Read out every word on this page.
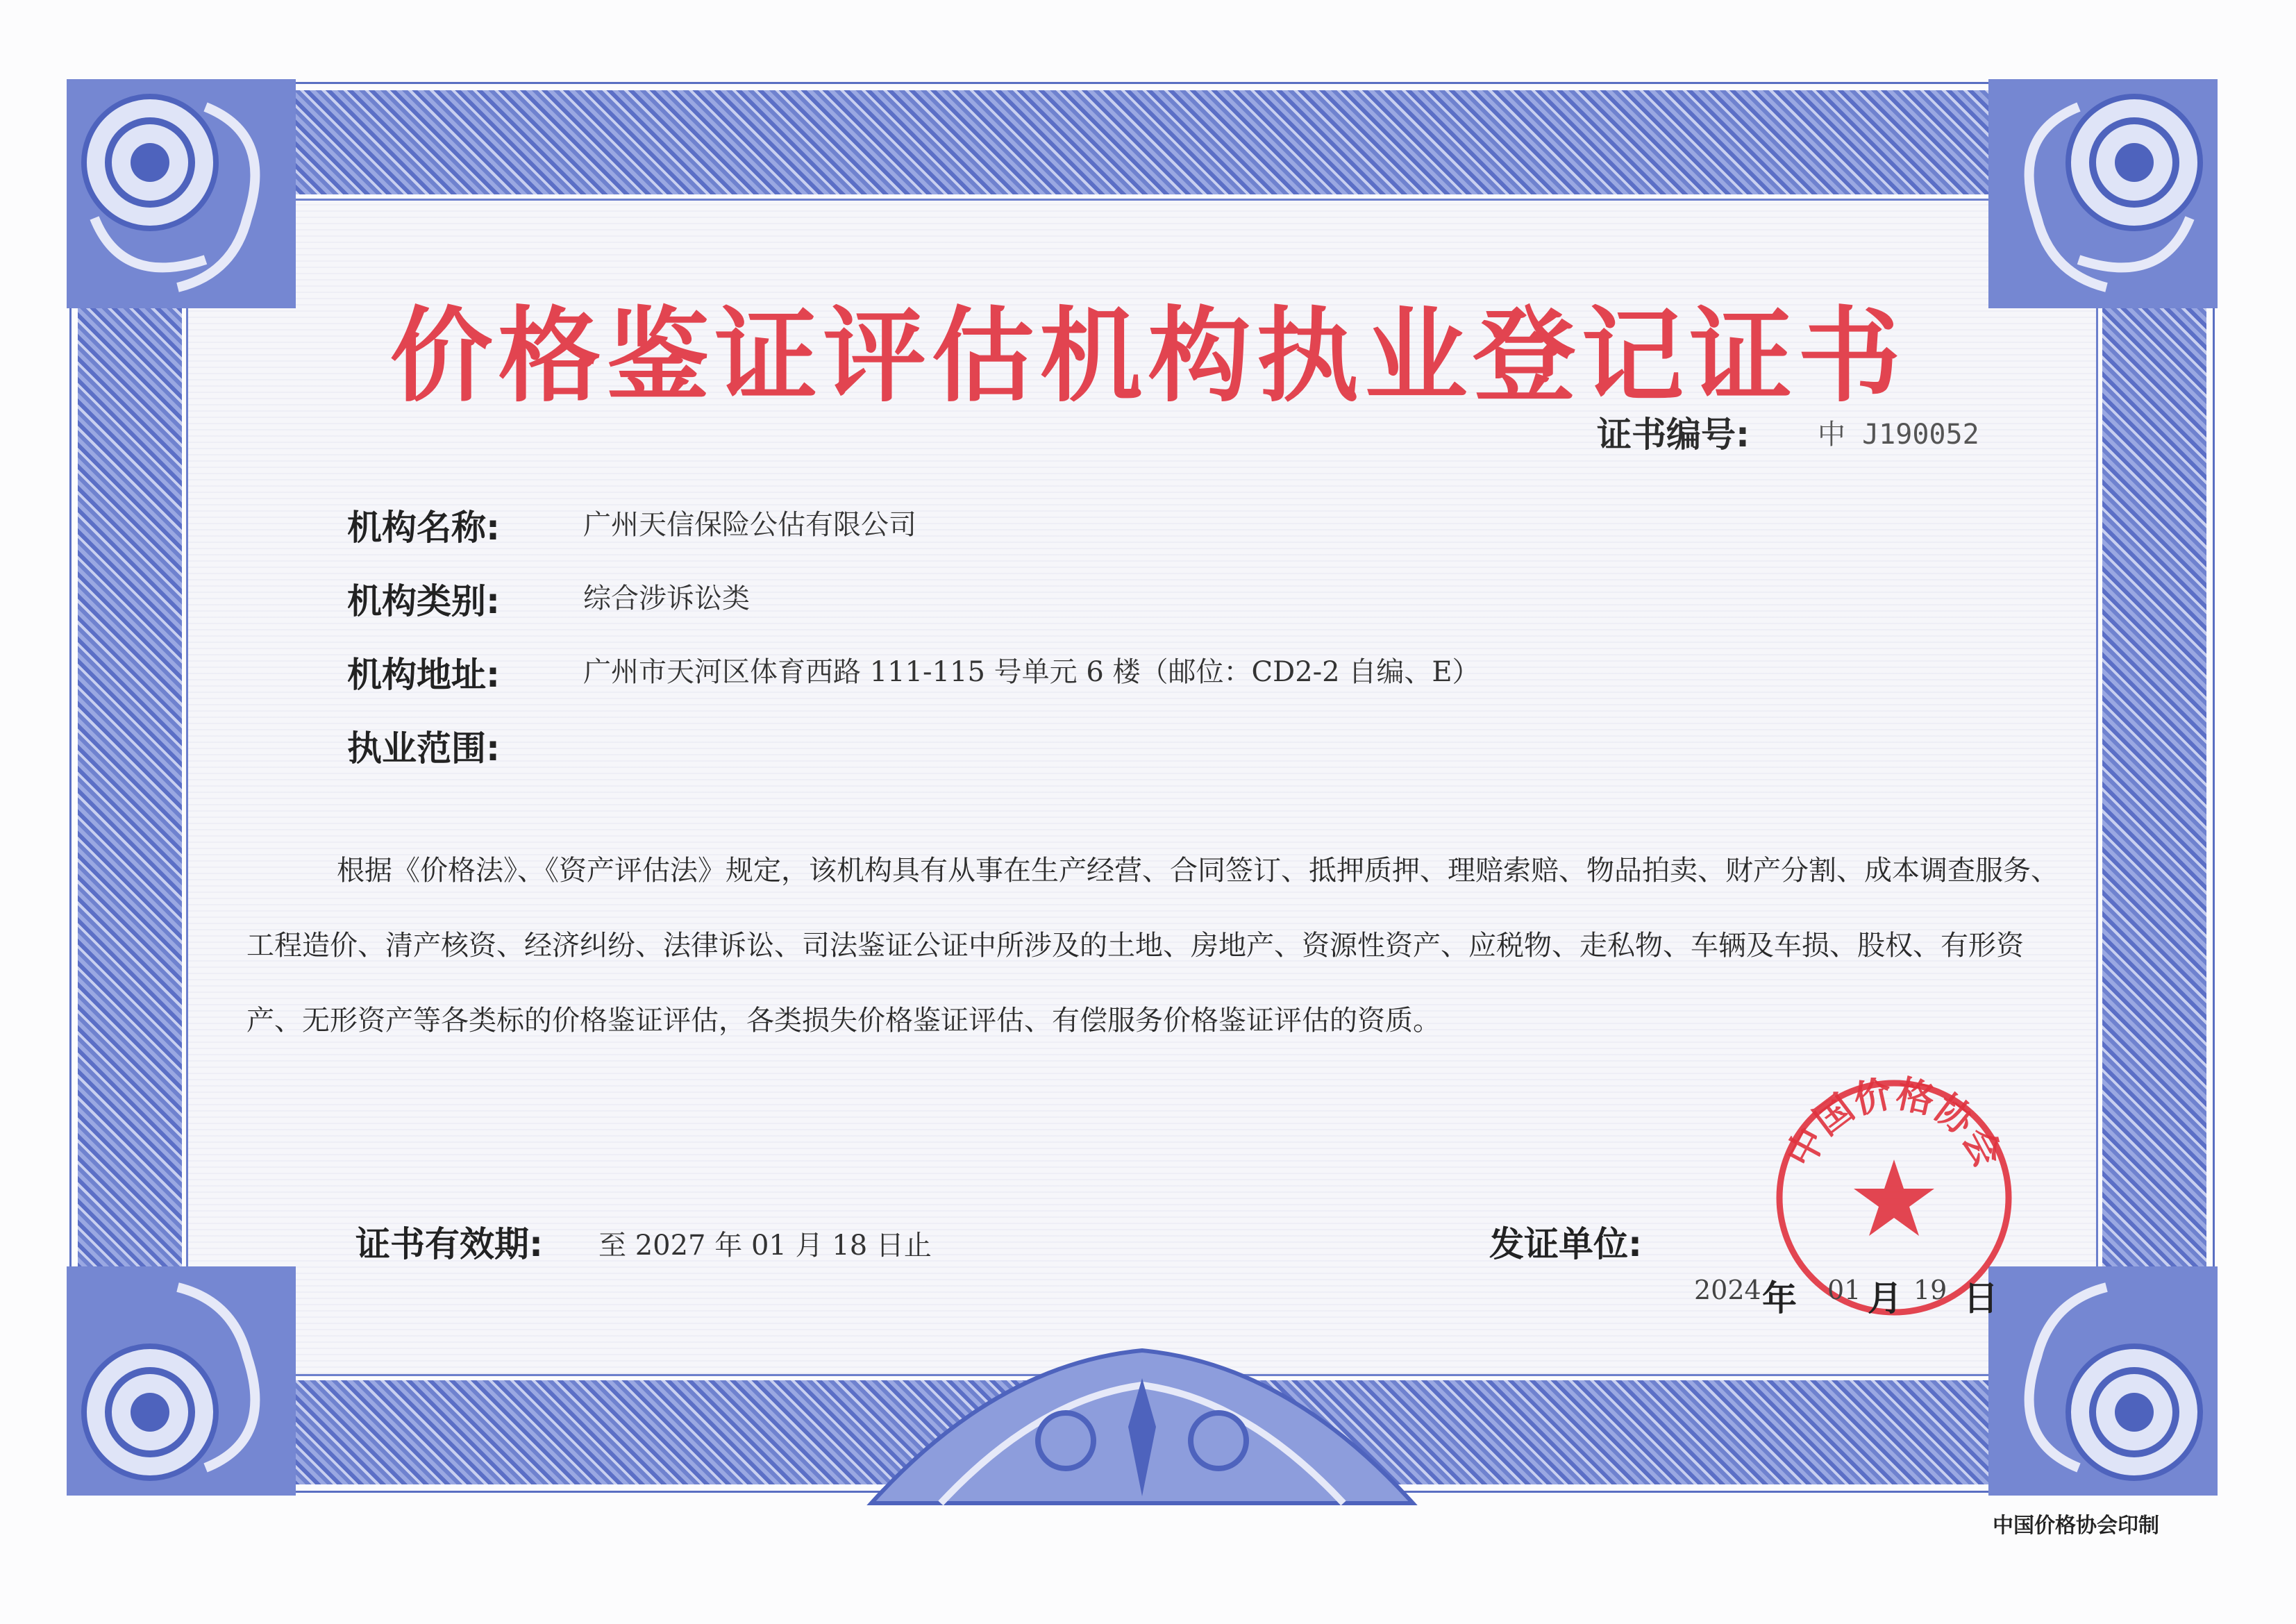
价格鉴证评估机构执业登记证书
证书编号: 中 J190052
机构名称:	广州天信保险公估有限公司
机构类别:	综合涉诉讼类
机构地址:	广州市天河区体育西路 111-115 号单元 6 楼（邮位：CD2-2 自编、E）
执业范围:
根据《价格法》、《资产评估法》规定，该机构具有从事在生产经营、合同签订、抵押质押、理赔索赔、物品拍卖、财产分割、成本调查服务、工程造价、清产核资、经济纠纷、法律诉讼、司法鉴证公证中所涉及的土地、房地产、资源性资产、应税物、走私物、车辆及车损、股权、有形资产、无形资产等各类标的价格鉴证评估，各类损失价格鉴证评估、有偿服务价格鉴证评估的资质。
证书有效期: 至 2027 年 01 月 18 日止	发证单位:
中国价格协会
2024 年 01 月 19 日
中国价格协会印制
